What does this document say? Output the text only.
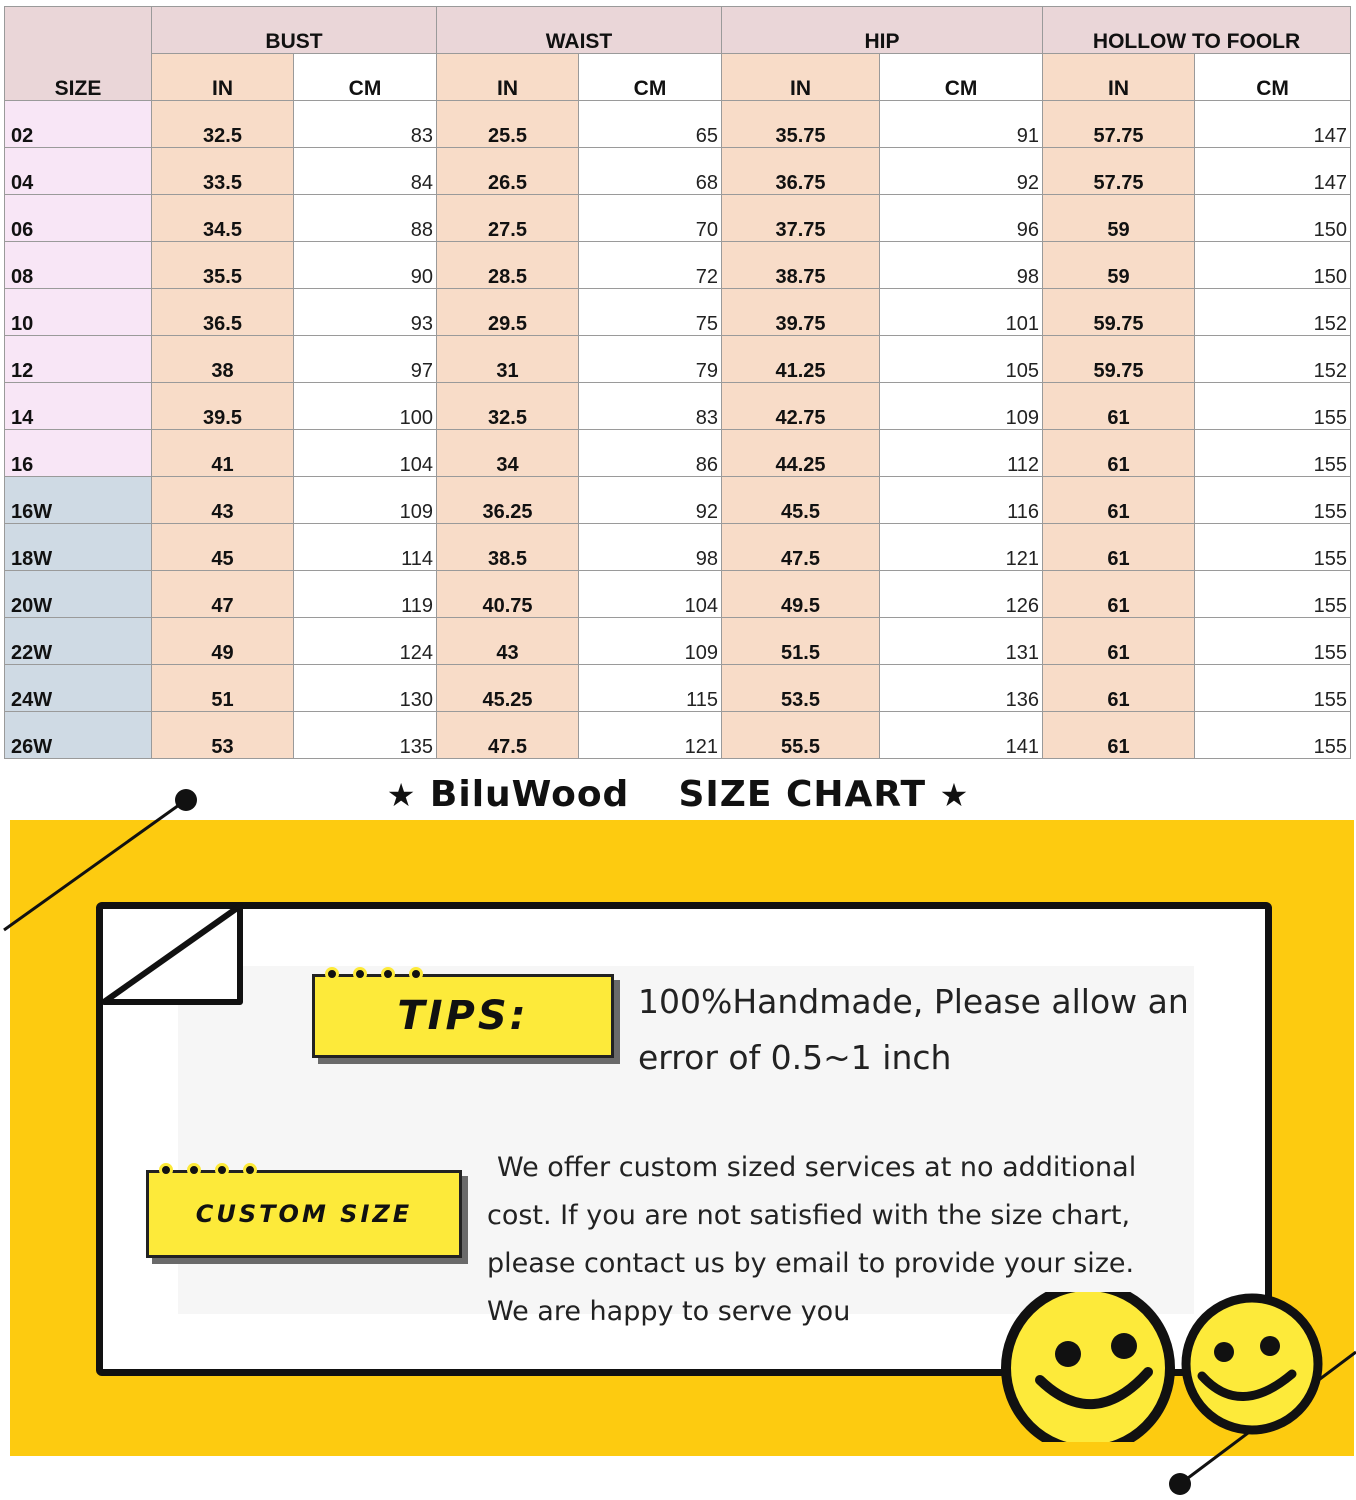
SIZE	BUST		WAIST		HIP		HOLLOW TO FOOLR	
	IN	CM	IN	CM	IN	CM	IN	CM
02	32.5	83	25.5	65	35.75	91	57.75	147
04	33.5	84	26.5	68	36.75	92	57.75	147
06	34.5	88	27.5	70	37.75	96	59	150
08	35.5	90	28.5	72	38.75	98	59	150
10	36.5	93	29.5	75	39.75	101	59.75	152
12	38	97	31	79	41.25	105	59.75	152
14	39.5	100	32.5	83	42.75	109	61	155
16	41	104	34	86	44.25	112	61	155
16W	43	109	36.25	92	45.5	116	61	155
18W	45	114	38.5	98	47.5	121	61	155
20W	47	119	40.75	104	49.5	126	61	155
22W	49	124	43	109	51.5	131	61	155
24W	51	130	45.25	115	53.5	136	61	155
26W	53	135	47.5	121	55.5	141	61	155
★ BiluWood SIZE CHART ★
TIPS:	100%Handmade, Please allow an
error of 0.5~1 inch
CUSTOM SIZE
We offer custom sized services at no additional
cost. If you are not satisfied with the size chart,
please contact us by email to provide your size.
We are happy to serve you
